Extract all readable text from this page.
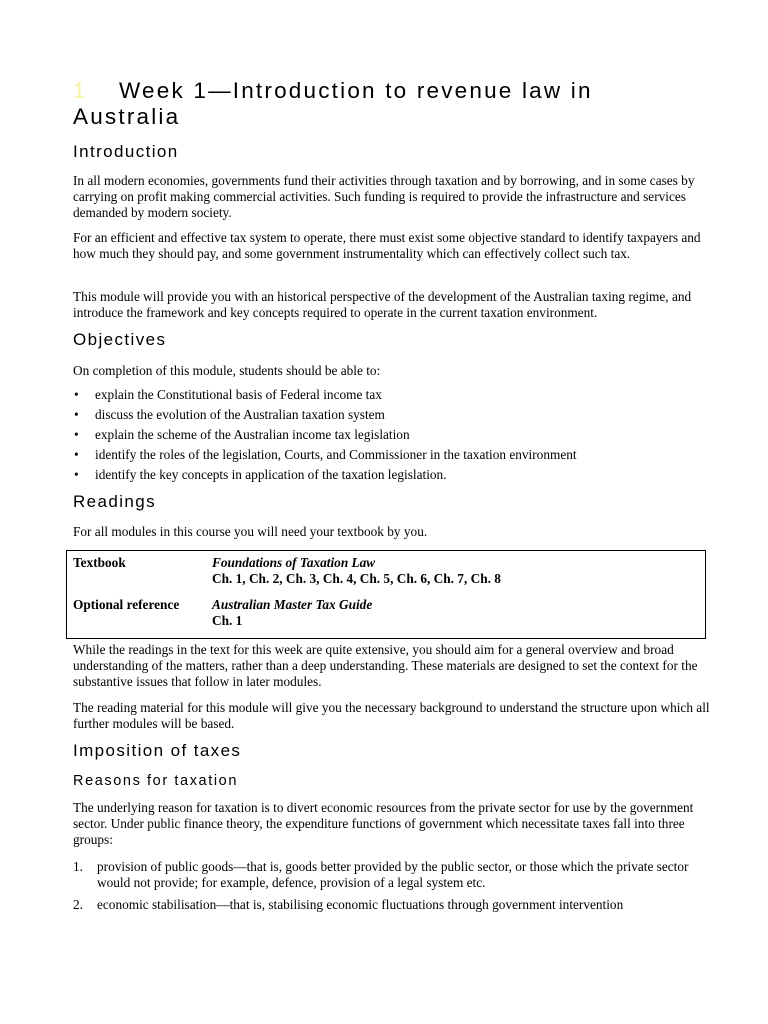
1 Week 1—Introduction to revenue law in
Australia
Introduction

In all modern economies, governments fund their activities through taxation and by borrowing, and in some cases by carrying on profit making commercial activities. Such funding is required to provide the infrastructure and services demanded by modern society.

For an efficient and effective tax system to operate, there must exist some objective standard to identify taxpayers and how much they should pay, and some government instrumentality which can effectively collect such tax.

This module will provide you with an historical perspective of the development of the Australian taxing regime, and introduce the framework and key concepts required to operate in the current taxation environment.

Objectives

On completion of this module, students should be able to:

• explain the Constitutional basis of Federal income tax
• discuss the evolution of the Australian taxation system
• explain the scheme of the Australian income tax legislation
• identify the roles of the legislation, Courts, and Commissioner in the taxation environment
• identify the key concepts in application of the taxation legislation.
Readings

For all modules in this course you will need your textbook by you.

Textbook	Foundations of Taxation Law
Ch. 1, Ch. 2, Ch. 3, Ch. 4, Ch. 5, Ch. 6, Ch. 7, Ch. 8
Optional reference	Australian Master Tax Guide
Ch. 1

While the readings in the text for this week are quite extensive, you should aim for a general overview and broad understanding of the matters, rather than a deep understanding. These materials are designed to set the context for the substantive issues that follow in later modules.

The reading material for this module will give you the necessary background to understand the structure upon which all further modules will be based.

Imposition of taxes
Reasons for taxation

The underlying reason for taxation is to divert economic resources from the private sector for use by the government sector. Under public finance theory, the expenditure functions of government which necessitate taxes fall into three groups:

1. provision of public goods—that is, goods better provided by the public sector, or those which the private sector would not provide; for example, defence, provision of a legal system etc.
2. economic stabilisation—that is, stabilising economic fluctuations through government intervention
